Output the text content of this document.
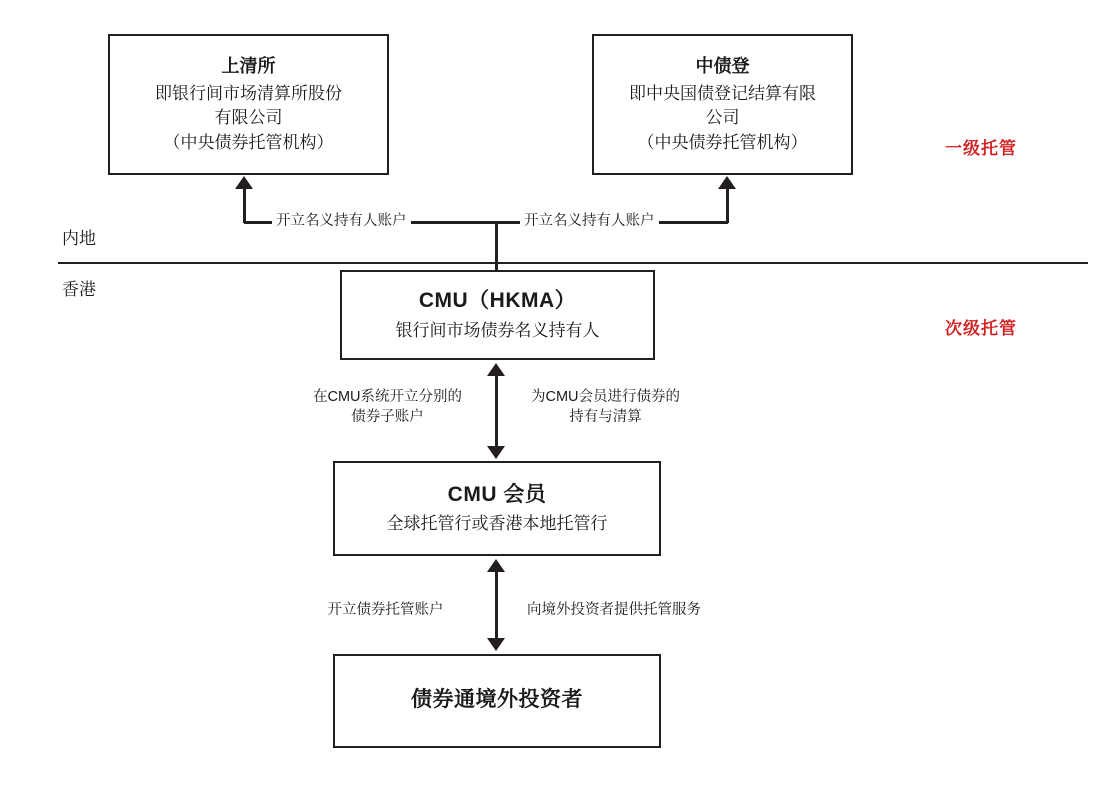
上清所
即银行间市场清算所股份
有限公司
（中央债券托管机构）
中债登
即中央国债登记结算有限
公司
（中央债券托管机构）	一级托管
开立名义持有人账户	开立名义持有人账户
内地
香港	CMU（HKMA）
银行间市场债券名义持有人	次级托管
在CMU系统开立分别的
债券子账户
为CMU会员进行债券的
持有与清算
CMU 会员
全球托管行或香港本地托管行
开立债券托管账户	向境外投资者提供托管服务
债券通境外投资者
